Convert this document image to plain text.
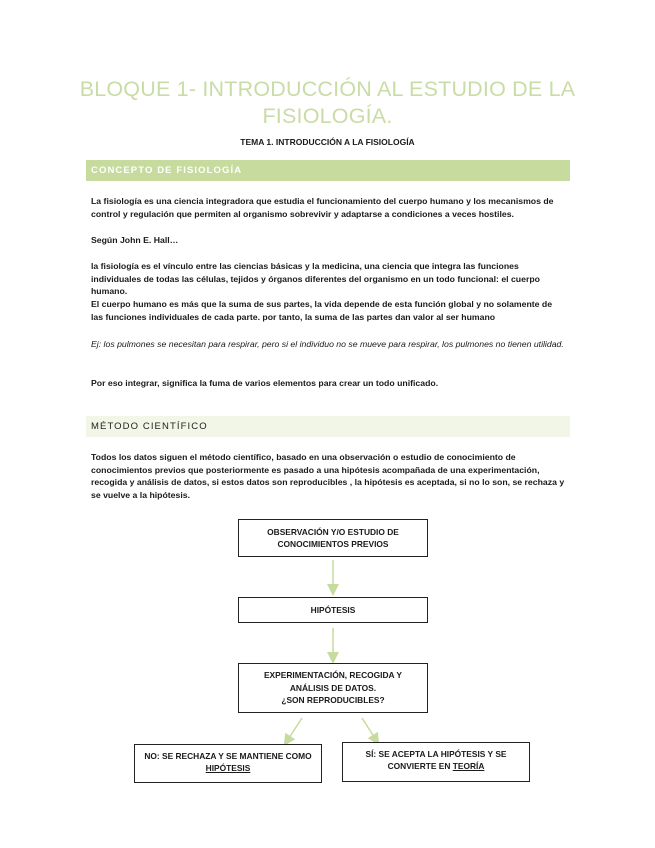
BLOQUE 1- INTRODUCCIÓN AL ESTUDIO DE LA
FISIOLOGÍA.
TEMA 1. INTRODUCCIÓN A LA FISIOLOGÍA
CONCEPTO DE FISIOLOGÍA

La fisiología es una ciencia integradora que estudia el funcionamiento del cuerpo humano y los mecanismos de control y regulación que permiten al organismo sobrevivir y adaptarse a condiciones a veces hostiles.

Según John E. Hall…

la fisiología es el vínculo entre las ciencias básicas y la medicina, una ciencia que integra las funciones individuales de todas las células, tejidos y órganos diferentes del organismo en un todo funcional: el cuerpo humano.

El cuerpo humano es más que la suma de sus partes, la vida depende de esta función global y no solamente de las funciones individuales de cada parte. por tanto, la suma de las partes dan valor al ser humano

Ej: los pulmones se necesitan para respirar, pero si el individuo no se mueve para respirar, los pulmones no tienen utilidad.

Por eso integrar, significa la fuma de varios elementos para crear un todo unificado.

MÉTODO CIENTÍFICO

Todos los datos siguen el método científico, basado en una observación o estudio de conocimiento de conocimientos previos que posteriormente es pasado a una hipótesis acompañada de una experimentación, recogida y análisis de datos, si estos datos son reproducibles , la hipótesis es aceptada, si no lo son, se rechaza y se vuelve a la hipótesis.

OBSERVACIÓN Y/O ESTUDIO DE
CONOCIMIENTOS PREVIOS
HIPÓTESIS
EXPERIMENTACIÓN, RECOGIDA Y
ANÁLISIS DE DATOS.
¿SON REPRODUCIBLES?
NO: SE RECHAZA Y SE MANTIENE COMO
HIPÓTESIS
SÍ: SE ACEPTA LA HIPÓTESIS Y SE
CONVIERTE EN TEORÍA
